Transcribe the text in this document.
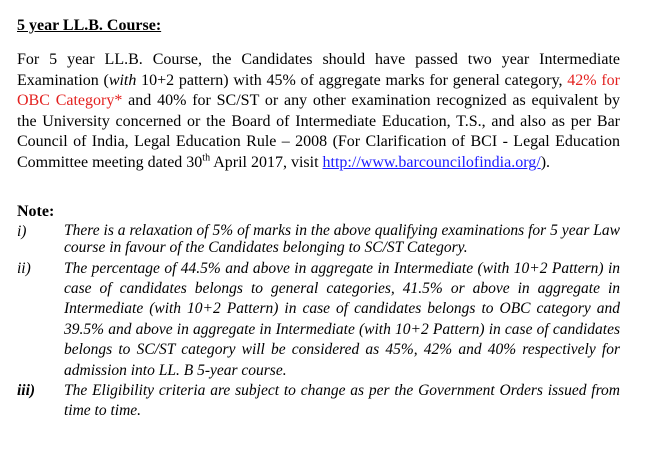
5 year LL.B. Course:

For 5 year LL.B. Course, the Candidates should have passed two year Intermediate Examination (with 10+2 pattern) with 45% of aggregate marks for general category, 42% for OBC Category* and 40% for SC/ST or any other examination recognized as equivalent by the University concerned or the Board of Intermediate Education, T.S., and also as per Bar Council of India, Legal Education Rule – 2008 (For Clarification of BCI - Legal Education Committee meeting dated 30th April 2017, visit http://www.barcouncilofindia.org/).

Note:
i)	There is a relaxation of 5% of marks in the above qualifying examinations for 5 year Law course in favour of the Candidates belonging to SC/ST Category.
ii)	The percentage of 44.5% and above in aggregate in Intermediate (with 10+2 Pattern) in case of candidates belongs to general categories, 41.5% or above in aggregate in Intermediate (with 10+2 Pattern) in case of candidates belongs to OBC category and 39.5% and above in aggregate in Intermediate (with 10+2 Pattern) in case of candidates belongs to SC/ST category will be considered as 45%, 42% and 40% respectively for admission into LL. B 5-year course.
iii)	The Eligibility criteria are subject to change as per the Government Orders issued from time to time.
